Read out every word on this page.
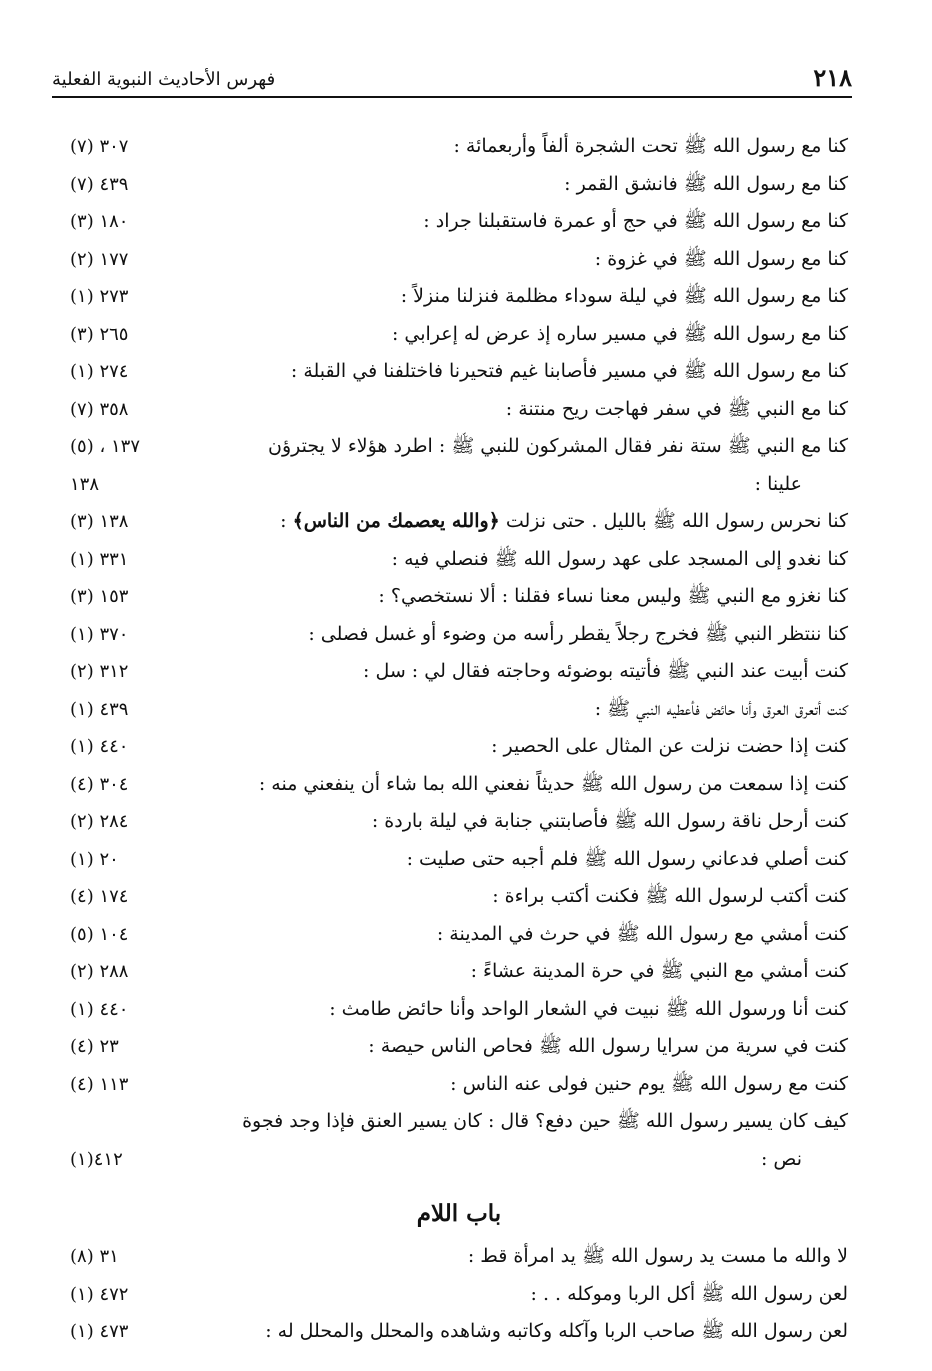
٢١٨
فهرس الأحاديث النبوية الفعلية
كنا مع رسول الله ﷺ تحت الشجرة ألفاً وأربعمائة :
٣٠٧ (٧)
كنا مع رسول الله ﷺ فانشق القمر :
٤٣٩ (٧)
كنا مع رسول الله ﷺ في حج أو عمرة فاستقبلنا جراد :
١٨٠ (٣)
كنا مع رسول الله ﷺ في غزوة :
١٧٧ (٢)
كنا مع رسول الله ﷺ في ليلة سوداء مظلمة فنزلنا منزلاً :
٢٧٣ (١)
كنا مع رسول الله ﷺ في مسير ساره إذ عرض له إعرابي :
٢٦٥ (٣)
كنا مع رسول الله ﷺ في مسير فأصابنا غيم فتحيرنا فاختلفنا في القبلة :
٢٧٤ (١)
كنا مع النبي ﷺ في سفر فهاجت ريح منتنة :
٣٥٨ (٧)
كنا مع النبي ﷺ ستة نفر فقال المشركون للنبي ﷺ : اطرد هؤلاء لا يجترؤن
علينا :
(٥) ١٣٧ ، ١٣٨
كنا نحرس رسول الله ﷺ بالليل . حتى نزلت ﴿والله يعصمك من الناس﴾ :
١٣٨ (٣)
كنا نغدو إلى المسجد على عهد رسول الله ﷺ فنصلي فيه :
٣٣١ (١)
كنا نغزو مع النبي ﷺ وليس معنا نساء فقلنا : ألا نستخصي؟ :
١٥٣ (٣)
كنا ننتظر النبي ﷺ فخرج رجلاً يقطر رأسه من وضوء أو غسل فصلى :
٣٧٠ (١)
كنت أبيت عند النبي ﷺ فأتيته بوضوئه وحاجته فقال لي : سل :
٣١٢ (٢)
كنت أتعرق العرق وأنا حائض فأعطيه النبي ﷺ :
٤٣٩ (١)
كنت إذا حضت نزلت عن المثال على الحصير :
٤٤٠ (١)
كنت إذا سمعت من رسول الله ﷺ حديثاً نفعني الله بما شاء أن ينفعني منه :
٣٠٤ (٤)
كنت أرحل ناقة رسول الله ﷺ فأصابتني جنابة في ليلة باردة :
٢٨٤ (٢)
كنت أصلي فدعاني رسول الله ﷺ فلم أجبه حتى صليت :
٢٠ (١)
كنت أكتب لرسول الله ﷺ فكنت أكتب براءة :
١٧٤ (٤)
كنت أمشي مع رسول الله ﷺ في حرث في المدينة :
١٠٤ (٥)
كنت أمشي مع النبي ﷺ في حرة المدينة عشاءً :
٢٨٨ (٢)
كنت أنا ورسول الله ﷺ نبيت في الشعار الواحد وأنا حائض طامث :
٤٤٠ (١)
كنت في سرية من سرايا رسول الله ﷺ فحاص الناس حيصة :
٢٣ (٤)
كنت مع رسول الله ﷺ يوم حنين فولى عنه الناس :
١١٣ (٤)
كيف كان يسير رسول الله ﷺ حين دفع؟ قال : كان يسير العنق فإذا وجد فجوة
نص :
٤١٢(١)
باب اللام
لا والله ما مست يد رسول الله ﷺ يد امرأة قط :
٣١ (٨)
لعن رسول الله ﷺ أكل الربا وموكله . . :
٤٧٢ (١)
لعن رسول الله ﷺ صاحب الربا وآكله وكاتبه وشاهده والمحلل والمحلل له :
٤٧٣ (١)
